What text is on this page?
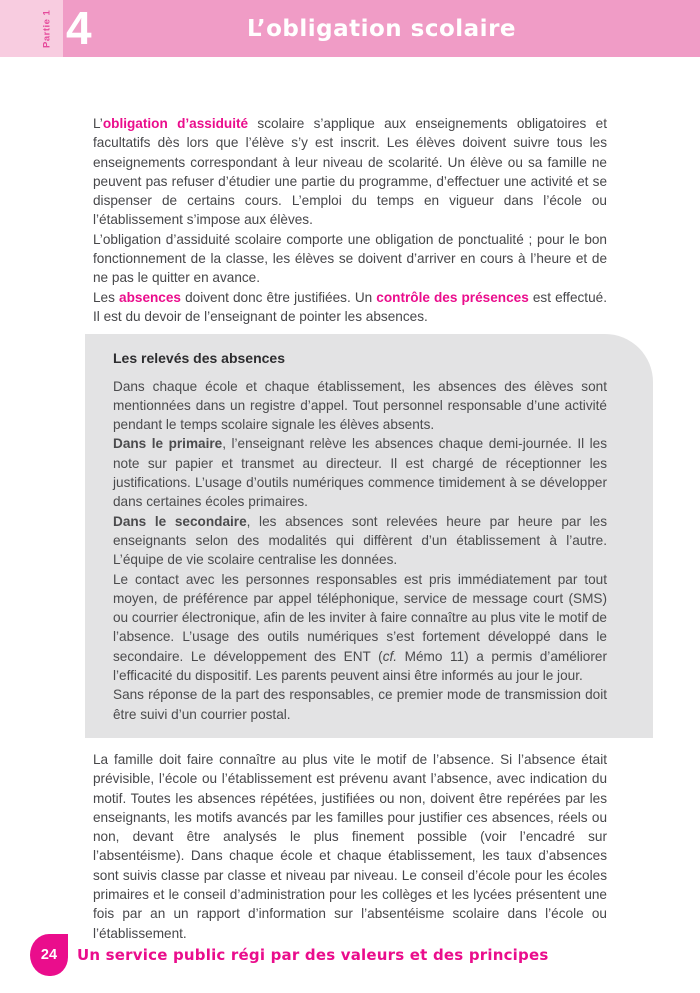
Partie 1 4	L’obligation scolaire

L’obligation d’assiduité scolaire s’applique aux enseignements obligatoires et facultatifs dès lors que l’élève s’y est inscrit. Les élèves doivent suivre tous les enseignements correspondant à leur niveau de scolarité. Un élève ou sa famille ne peuvent pas refuser d’étudier une partie du programme, d’effectuer une activité et se dispenser de certains cours. L’emploi du temps en vigueur dans l’école ou l’établissement s’impose aux élèves.

L’obligation d’assiduité scolaire comporte une obligation de ponctualité ; pour le bon fonctionnement de la classe, les élèves se doivent d’arriver en cours à l’heure et de ne pas le quitter en avance.

Les absences doivent donc être justifiées. Un contrôle des présences est effectué. Il est du devoir de l’enseignant de pointer les absences.

Les relevés des absences

Dans chaque école et chaque établissement, les absences des élèves sont mentionnées dans un registre d’appel. Tout personnel responsable d’une activité pendant le temps scolaire signale les élèves absents.

Dans le primaire, l’enseignant relève les absences chaque demi-journée. Il les note sur papier et transmet au directeur. Il est chargé de réceptionner les justifications. L’usage d’outils numériques commence timidement à se développer dans certaines écoles primaires.

Dans le secondaire, les absences sont relevées heure par heure par les enseignants selon des modalités qui diffèrent d’un établissement à l’autre. L’équipe de vie scolaire centralise les données.

Le contact avec les personnes responsables est pris immédiatement par tout moyen, de préférence par appel téléphonique, service de message court (SMS) ou courrier électronique, afin de les inviter à faire connaître au plus vite le motif de l’absence. L’usage des outils numériques s’est fortement développé dans le secondaire. Le développement des ENT (cf. Mémo 11) a permis d’améliorer l’efficacité du dispositif. Les parents peuvent ainsi être informés au jour le jour.

Sans réponse de la part des responsables, ce premier mode de transmission doit être suivi d’un courrier postal.

La famille doit faire connaître au plus vite le motif de l’absence. Si l’absence était prévisible, l’école ou l’établissement est prévenu avant l’absence, avec indication du motif. Toutes les absences répétées, justifiées ou non, doivent être repérées par les enseignants, les motifs avancés par les familles pour justifier ces absences, réels ou non, devant être analysés le plus finement possible (voir l’encadré sur l’absentéisme). Dans chaque école et chaque établissement, les taux d’absences sont suivis classe par classe et niveau par niveau. Le conseil d’école pour les écoles primaires et le conseil d’administration pour les collèges et les lycées présentent une fois par an un rapport d’information sur l’absentéisme scolaire dans l’école ou l’établissement.

24	Un service public régi par des valeurs et des principes
